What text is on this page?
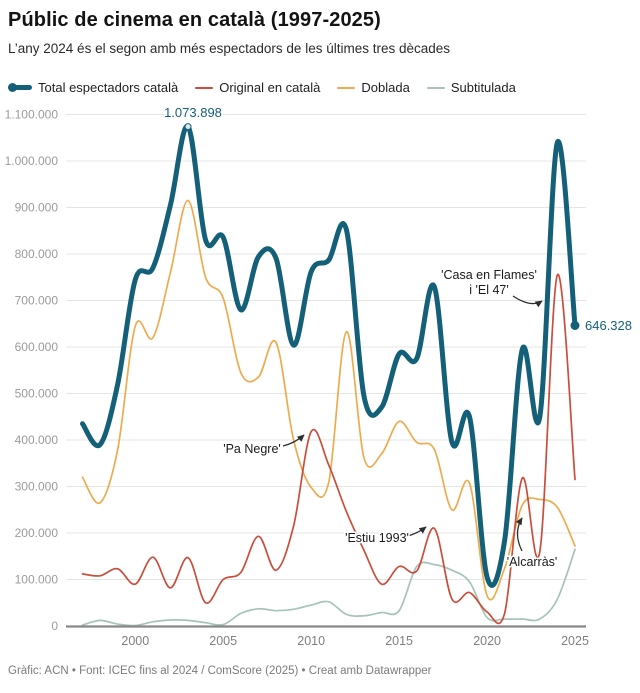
Públic de cinema en català (1997-2025)

L’any 2024 és el segon amb més espectadors de les últimes tres dècades

Total espectadors català	Original en català	Doblada	Subtitulada
1.100.000
1.000.000
900.000
800.000
700.000
600.000
500.000
400.000
300.000
200.000
100.000
0
2000	2005	2010	2015	2020	2025
'Pa Negre'
'Estiu 1993'
'Casa en Flames'
i 'El 47'
'Alcarràs'
1.073.898
646.328
Gràfic: ACN • Font: ICEC fins al 2024 / ComScore (2025) • Creat amb Datawrapper
